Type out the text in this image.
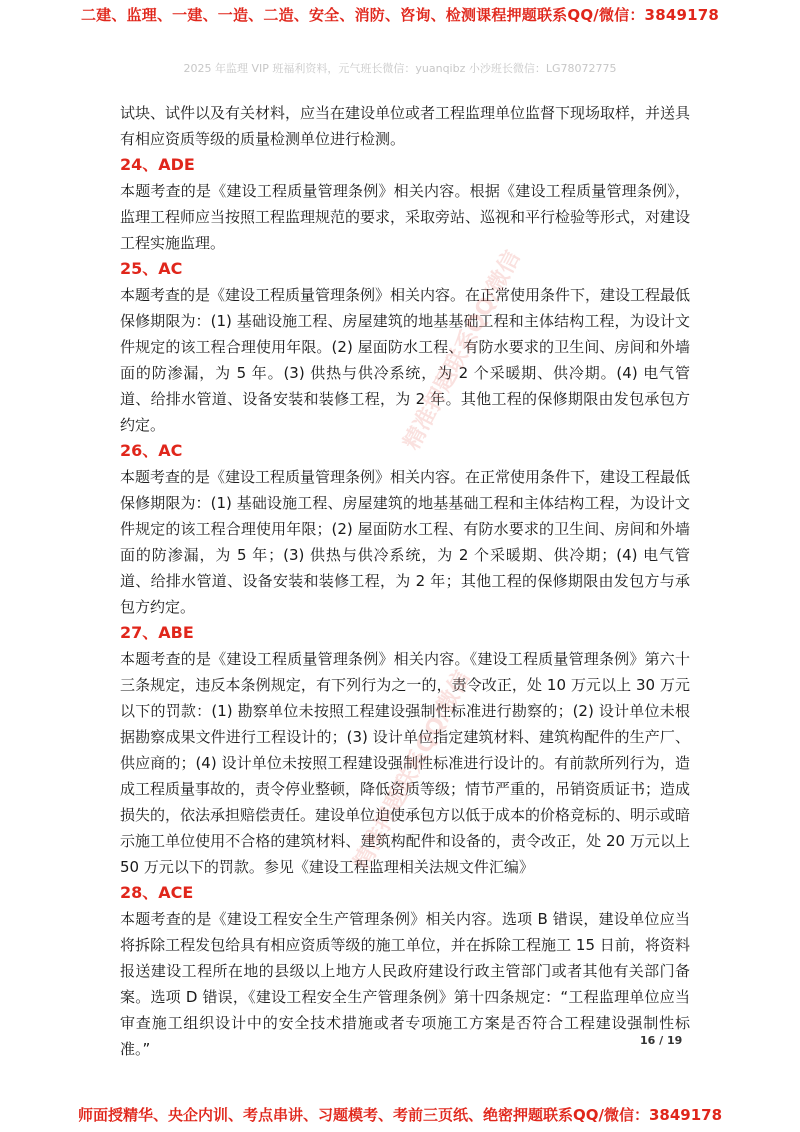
二建、监理、一建、一造、二造、安全、消防、咨询、检测课程押题联系QQ/微信：3849178
2025 年监理 VIP 班福利资料，元气班长微信：yuanqibz 小沙班长微信：LG78072775

试块、试件以及有关材料，应当在建设单位或者工程监理单位监督下现场取样，并送具有相应资质等级的质量检测单位进行检测。

24、ADE

本题考查的是《建设工程质量管理条例》相关内容。根据《建设工程质量管理条例》，监理工程师应当按照工程监理规范的要求，采取旁站、巡视和平行检验等形式，对建设工程实施监理。

25、AC

本题考查的是《建设工程质量管理条例》相关内容。在正常使用条件下，建设工程最低保修期限为：(1) 基础设施工程、房屋建筑的地基基础工程和主体结构工程，为设计文件规定的该工程合理使用年限。(2) 屋面防水工程、有防水要求的卫生间、房间和外墙面的防渗漏，为 5 年。(3) 供热与供冷系统，为 2 个采暖期、供冷期。(4) 电气管道、给排水管道、设备安装和装修工程，为 2 年。其他工程的保修期限由发包承包方约定。

26、AC

本题考查的是《建设工程质量管理条例》相关内容。在正常使用条件下，建设工程最低保修期限为：(1) 基础设施工程、房屋建筑的地基基础工程和主体结构工程，为设计文件规定的该工程合理使用年限；(2) 屋面防水工程、有防水要求的卫生间、房间和外墙面的防渗漏，为 5 年；(3) 供热与供冷系统，为 2 个采暖期、供冷期；(4) 电气管道、给排水管道、设备安装和装修工程，为 2 年；其他工程的保修期限由发包方与承包方约定。

27、ABE

本题考查的是《建设工程质量管理条例》相关内容。《建设工程质量管理条例》第六十三条规定，违反本条例规定，有下列行为之一的，责令改正，处 10 万元以上 30 万元以下的罚款：(1) 勘察单位未按照工程建设强制性标准进行勘察的；(2) 设计单位未根据勘察成果文件进行工程设计的；(3) 设计单位指定建筑材料、建筑构配件的生产厂、供应商的；(4) 设计单位未按照工程建设强制性标准进行设计的。有前款所列行为，造成工程质量事故的，责令停业整顿，降低资质等级；情节严重的，吊销资质证书；造成损失的，依法承担赔偿责任。建设单位迫使承包方以低于成本的价格竞标的、明示或暗示施工单位使用不合格的建筑材料、建筑构配件和设备的，责令改正，处 20 万元以上 50 万元以下的罚款。参见《建设工程监理相关法规文件汇编》

28、ACE

本题考查的是《建设工程安全生产管理条例》相关内容。选项 B 错误，建设单位应当将拆除工程发包给具有相应资质等级的施工单位，并在拆除工程施工 15 日前，将资料报送建设工程所在地的县级以上地方人民政府建设行政主管部门或者其他有关部门备案。选项 D 错误，《建设工程安全生产管理条例》第十四条规定：“工程监理单位应当审查施工组织设计中的安全技术措施或者专项施工方案是否符合工程建设强制性标准。”

精准押题联系QQ/微信
精准押题联系QQ/微信
16 / 19
师面授精华、央企内训、考点串讲、习题模考、考前三页纸、绝密押题联系QQ/微信：3849178
